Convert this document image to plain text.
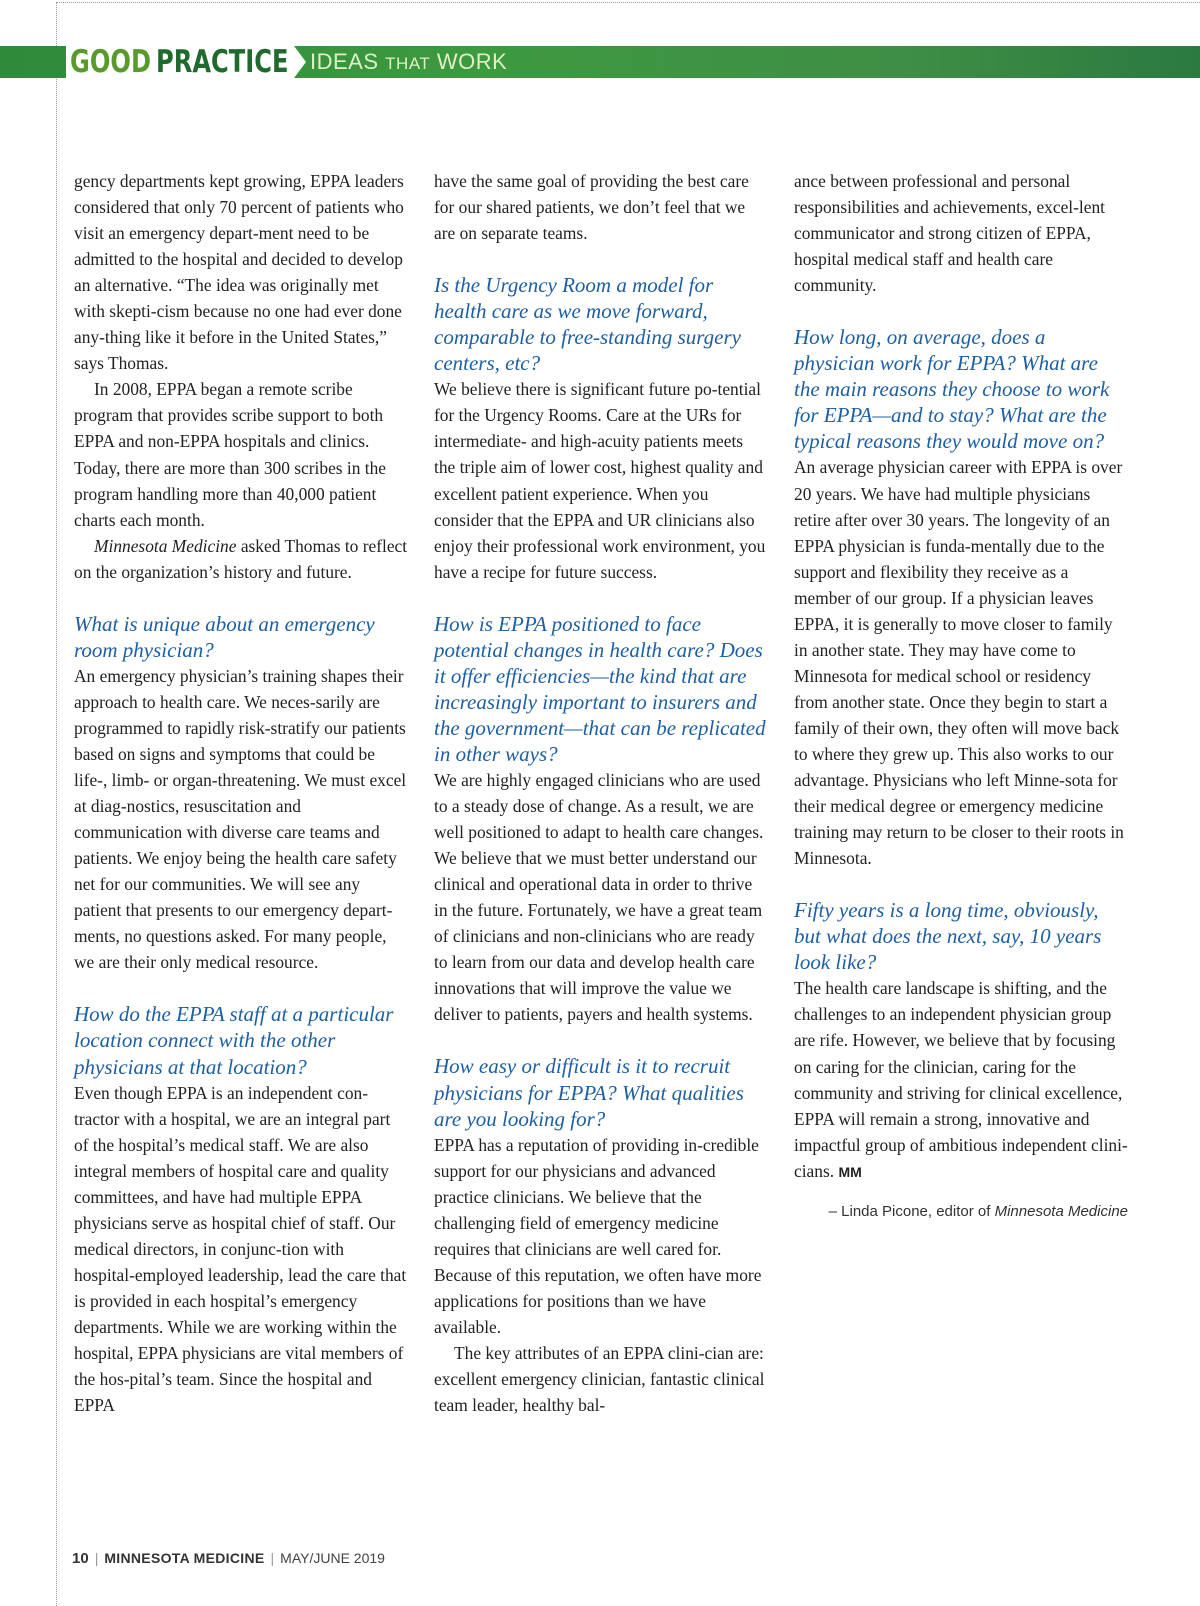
GOOD PRACTICE IDEAS THAT WORK

gency departments kept growing, EPPA leaders considered that only 70 percent of patients who visit an emergency depart-ment need to be admitted to the hospital and decided to develop an alternative. “The idea was originally met with skepti-cism because no one had ever done any-thing like it before in the United States,” says Thomas.

In 2008, EPPA began a remote scribe program that provides scribe support to both EPPA and non-EPPA hospitals and clinics. Today, there are more than 300 scribes in the program handling more than 40,000 patient charts each month.

Minnesota Medicine asked Thomas to reflect on the organization’s history and future.

What is unique about an emergency room physician?

An emergency physician’s training shapes their approach to health care. We neces-sarily are programmed to rapidly risk-stratify our patients based on signs and symptoms that could be life-, limb- or organ-threatening. We must excel at diag-nostics, resuscitation and communication with diverse care teams and patients. We enjoy being the health care safety net for our communities. We will see any patient that presents to our emergency depart-ments, no questions asked. For many people, we are their only medical resource.

How do the EPPA staff at a particular location connect with the other physicians at that location?

Even though EPPA is an independent con-tractor with a hospital, we are an integral part of the hospital’s medical staff. We are also integral members of hospital care and quality committees, and have had multiple EPPA physicians serve as hospital chief of staff. Our medical directors, in conjunc-tion with hospital-employed leadership, lead the care that is provided in each hospital’s emergency departments. While we are working within the hospital, EPPA physicians are vital members of the hos-pital’s team. Since the hospital and EPPA

have the same goal of providing the best care for our shared patients, we don’t feel that we are on separate teams.

Is the Urgency Room a model for health care as we move forward, comparable to free-standing surgery centers, etc?

We believe there is significant future po-tential for the Urgency Rooms. Care at the URs for intermediate- and high-acuity patients meets the triple aim of lower cost, highest quality and excellent patient experience. When you consider that the EPPA and UR clinicians also enjoy their professional work environment, you have a recipe for future success.

How is EPPA positioned to face potential changes in health care? Does it offer efficiencies—the kind that are increasingly important to insurers and the government—that can be replicated in other ways?

We are highly engaged clinicians who are used to a steady dose of change. As a result, we are well positioned to adapt to health care changes. We believe that we must better understand our clinical and operational data in order to thrive in the future. Fortunately, we have a great team of clinicians and non-clinicians who are ready to learn from our data and develop health care innovations that will improve the value we deliver to patients, payers and health systems.

How easy or difficult is it to recruit physicians for EPPA? What qualities are you looking for?

EPPA has a reputation of providing in-credible support for our physicians and advanced practice clinicians. We believe that the challenging field of emergency medicine requires that clinicians are well cared for. Because of this reputation, we often have more applications for positions than we have available.

The key attributes of an EPPA clini-cian are: excellent emergency clinician, fantastic clinical team leader, healthy bal-

ance between professional and personal responsibilities and achievements, excel-lent communicator and strong citizen of EPPA, hospital medical staff and health care community.

How long, on average, does a physician work for EPPA? What are the main reasons they choose to work for EPPA—and to stay? What are the typical reasons they would move on?

An average physician career with EPPA is over 20 years. We have had multiple physicians retire after over 30 years. The longevity of an EPPA physician is funda-mentally due to the support and flexibility they receive as a member of our group. If a physician leaves EPPA, it is generally to move closer to family in another state. They may have come to Minnesota for medical school or residency from another state. Once they begin to start a family of their own, they often will move back to where they grew up. This also works to our advantage. Physicians who left Minne-sota for their medical degree or emergency medicine training may return to be closer to their roots in Minnesota.

Fifty years is a long time, obviously, but what does the next, say, 10 years look like?

The health care landscape is shifting, and the challenges to an independent physician group are rife. However, we believe that by focusing on caring for the clinician, caring for the community and striving for clinical excellence, EPPA will remain a strong, innovative and impactful group of ambitious independent clini-cians. MM

– Linda Picone, editor of Minnesota Medicine

10 | MINNESOTA MEDICINE | MAY/JUNE 2019
